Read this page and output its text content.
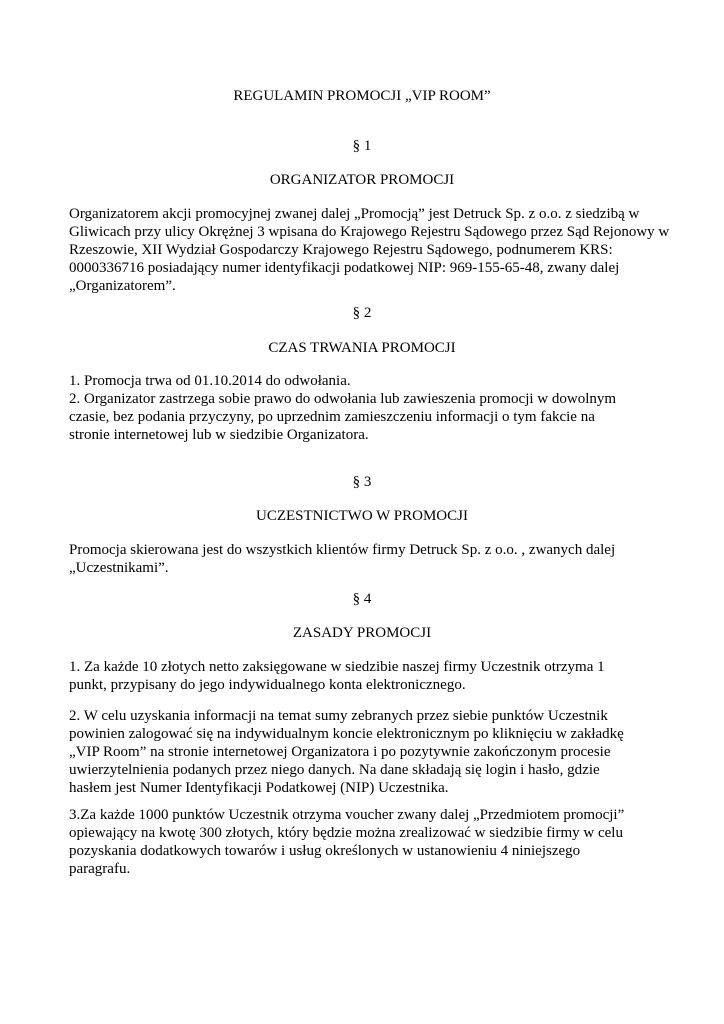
REGULAMIN PROMOCJI „VIP ROOM”
§ 1
ORGANIZATOR PROMOCJI

Organizatorem akcji promocyjnej zwanej dalej „Promocją” jest Detruck Sp. z o.o. z siedzibą w
Gliwicach przy ulicy Okrężnej 3 wpisana do Krajowego Rejestru Sądowego przez Sąd Rejonowy w
Rzeszowie, XII Wydział Gospodarczy Krajowego Rejestru Sądowego, podnumerem KRS:
0000336716 posiadający numer identyfikacji podatkowej NIP: 969-155-65-48, zwany dalej
„Organizatorem”.

§ 2
CZAS TRWANIA PROMOCJI

1. Promocja trwa od 01.10.2014 do odwołania.
2. Organizator zastrzega sobie prawo do odwołania lub zawieszenia promocji w dowolnym
czasie, bez podania przyczyny, po uprzednim zamieszczeniu informacji o tym fakcie na
stronie internetowej lub w siedzibie Organizatora.

§ 3
UCZESTNICTWO W PROMOCJI

Promocja skierowana jest do wszystkich klientów firmy Detruck Sp. z o.o. , zwanych dalej
„Uczestnikami”.

§ 4
ZASADY PROMOCJI

1. Za każde 10 złotych netto zaksięgowane w siedzibie naszej firmy Uczestnik otrzyma 1
punkt, przypisany do jego indywidualnego konta elektronicznego.

2. W celu uzyskania informacji na temat sumy zebranych przez siebie punktów Uczestnik
powinien zalogować się na indywidualnym koncie elektronicznym po kliknięciu w zakładkę
„VIP Room” na stronie internetowej Organizatora i po pozytywnie zakończonym procesie
uwierzytelnienia podanych przez niego danych. Na dane składają się login i hasło, gdzie
hasłem jest Numer Identyfikacji Podatkowej (NIP) Uczestnika.

3.Za każde 1000 punktów Uczestnik otrzyma voucher zwany dalej „Przedmiotem promocji”
opiewający na kwotę 300 złotych, który będzie można zrealizować w siedzibie firmy w celu
pozyskania dodatkowych towarów i usług określonych w ustanowieniu 4 niniejszego
paragrafu.
